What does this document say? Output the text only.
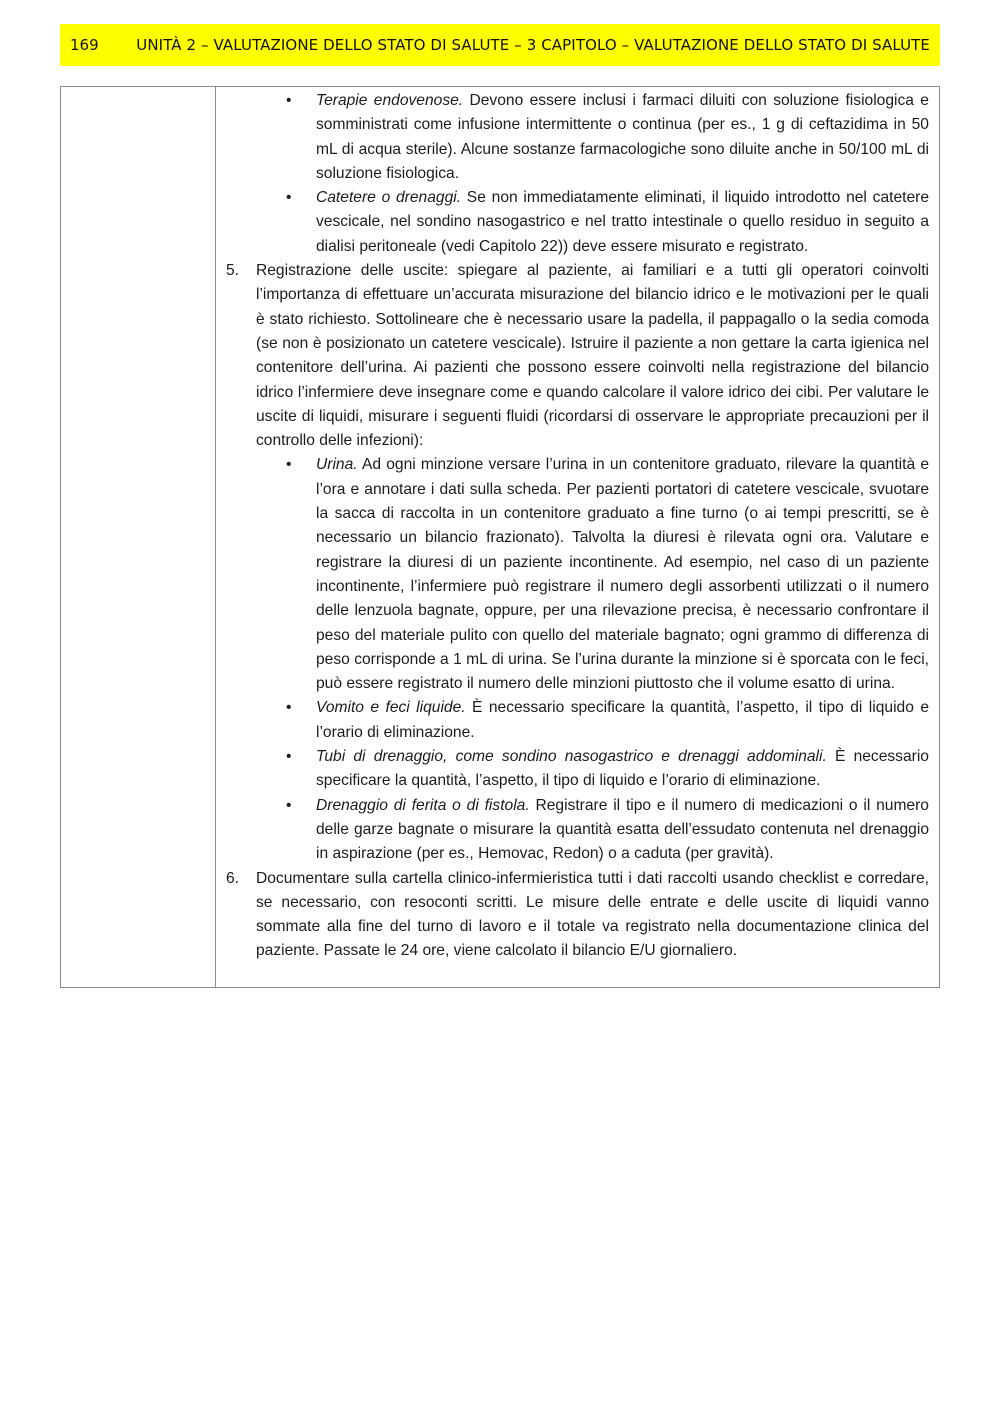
169	UNITÀ 2 – VALUTAZIONE DELLO STATO DI SALUTE – 3 CAPITOLO – VALUTAZIONE DELLO STATO DI SALUTE
• Terapie endovenose. Devono essere inclusi i farmaci diluiti con soluzione fisiologica e somministrati come infusione intermittente o continua (per es., 1 g di ceftazidima in 50 mL di acqua sterile). Alcune sostanze farmacologiche sono diluite anche in 50/100 mL di soluzione fisiologica.
• Catetere o drenaggi. Se non immediatamente eliminati, il liquido introdotto nel catetere vescicale, nel sondino nasogastrico e nel tratto intestinale o quello residuo in seguito a dialisi peritoneale (vedi Capitolo 22)) deve essere misurato e registrato.
5. Registrazione delle uscite: spiegare al paziente, ai familiari e a tutti gli operatori coinvolti l’importanza di effettuare un’accurata misurazione del bilancio idrico e le motivazioni per le quali è stato richiesto. Sottolineare che è necessario usare la padella, il pappagallo o la sedia comoda (se non è posizionato un catetere vescicale). Istruire il paziente a non gettare la carta igienica nel contenitore dell’urina. Ai pazienti che possono essere coinvolti nella registrazione del bilancio idrico l’infermiere deve insegnare come e quando calcolare il valore idrico dei cibi. Per valutare le uscite di liquidi, misurare i seguenti fluidi (ricordarsi di osservare le appropriate precauzioni per il controllo delle infezioni):
• Urina. Ad ogni minzione versare l’urina in un contenitore graduato, rilevare la quantità e l’ora e annotare i dati sulla scheda. Per pazienti portatori di catetere vescicale, svuotare la sacca di raccolta in un contenitore graduato a fine turno (o ai tempi prescritti, se è necessario un bilancio frazionato). Talvolta la diuresi è rilevata ogni ora. Valutare e registrare la diuresi di un paziente incontinente. Ad esempio, nel caso di un paziente incontinente, l’infermiere può registrare il numero degli assorbenti utilizzati o il numero delle lenzuola bagnate, oppure, per una rilevazione precisa, è necessario confrontare il peso del materiale pulito con quello del materiale bagnato; ogni grammo di differenza di peso corrisponde a 1 mL di urina. Se l’urina durante la minzione si è sporcata con le feci, può essere registrato il numero delle minzioni piuttosto che il volume esatto di urina.
• Vomito e feci liquide. È necessario specificare la quantità, l’aspetto, il tipo di liquido e l’orario di eliminazione.
• Tubi di drenaggio, come sondino nasogastrico e drenaggi addominali. È necessario specificare la quantità, l’aspetto, il tipo di liquido e l’orario di eliminazione.
• Drenaggio di ferita o di fistola. Registrare il tipo e il numero di medicazioni o il numero delle garze bagnate o misurare la quantità esatta dell’essudato contenuta nel drenaggio in aspirazione (per es., Hemovac, Redon) o a caduta (per gravità).
6. Documentare sulla cartella clinico-infermieristica tutti i dati raccolti usando checklist e corredare, se necessario, con resoconti scritti. Le misure delle entrate e delle uscite di liquidi vanno sommate alla fine del turno di lavoro e il totale va registrato nella documentazione clinica del paziente. Passate le 24 ore, viene calcolato il bilancio E/U giornaliero.
